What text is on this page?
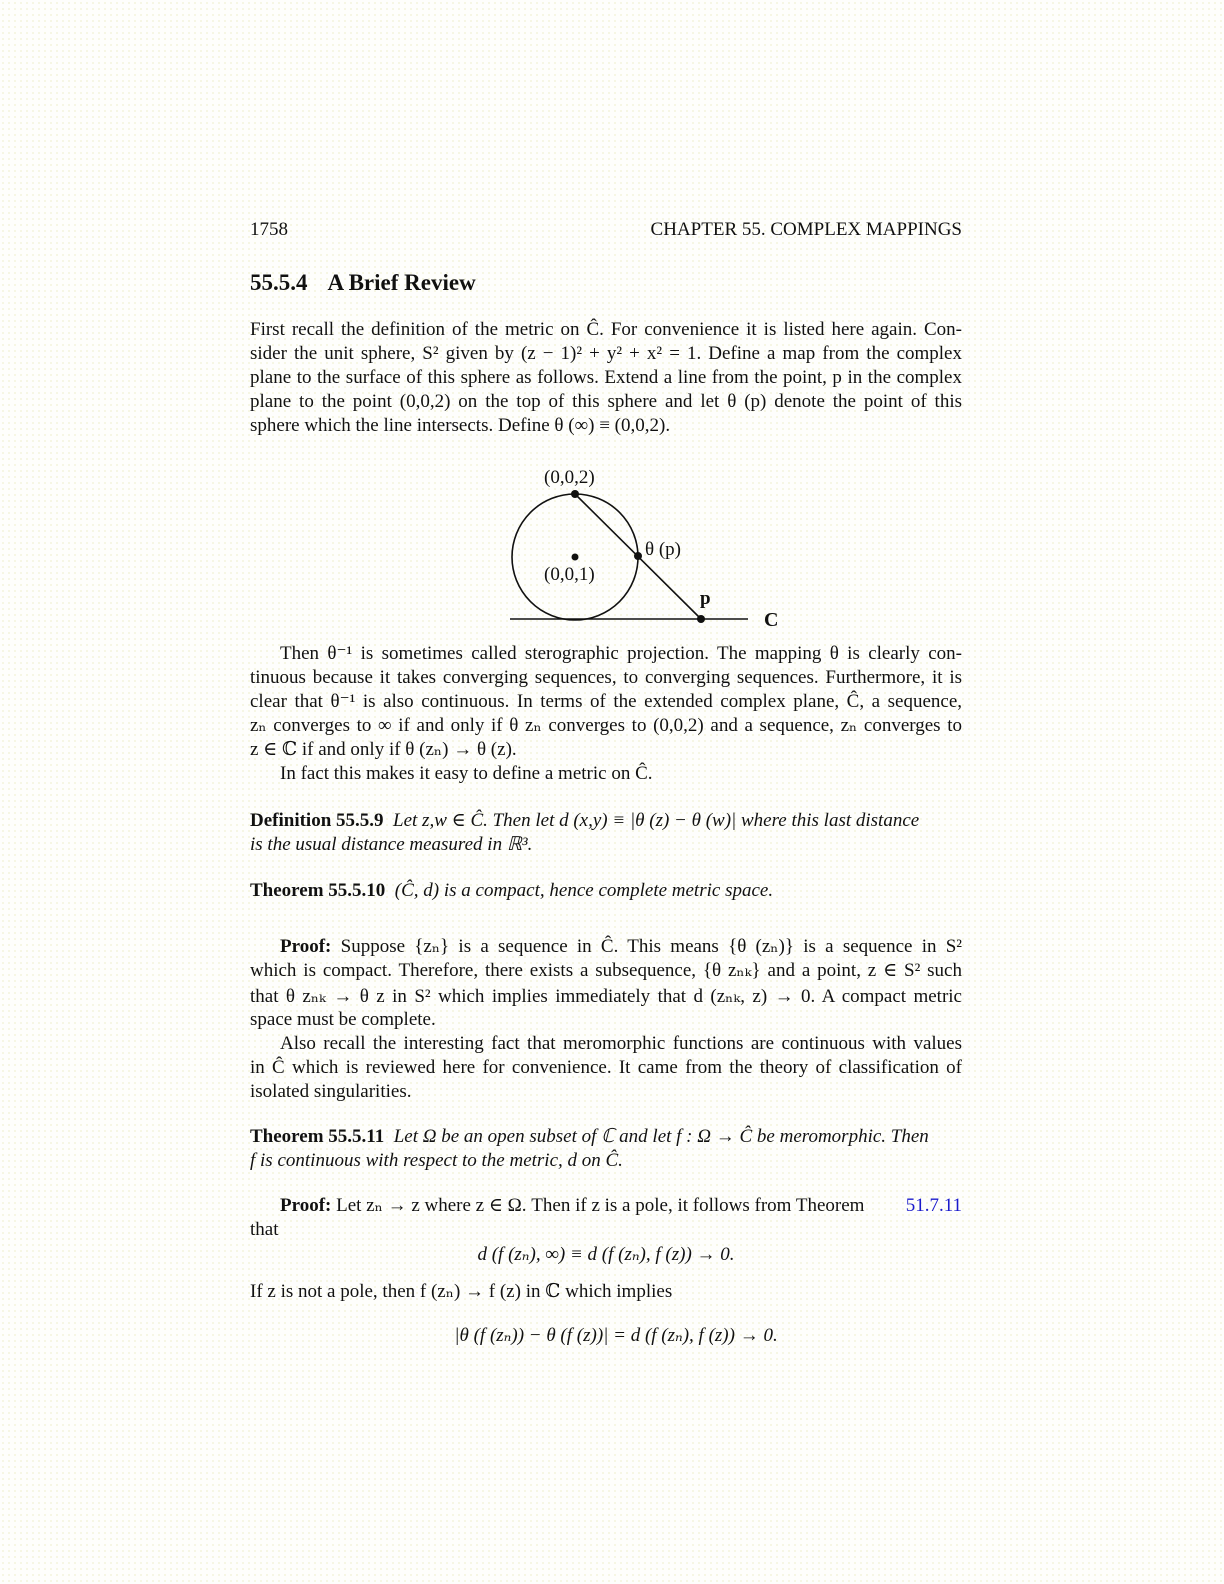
1758	CHAPTER 55. COMPLEX MAPPINGS
55.5.4 A Brief Review
First recall the definition of the metric on Ĉ. For convenience it is listed here again. Con-
sider the unit sphere, S² given by (z − 1)² + y² + x² = 1. Define a map from the complex
plane to the surface of this sphere as follows. Extend a line from the point, p in the complex
plane to the point (0,0,2) on the top of this sphere and let θ (p) denote the point of this
sphere which the line intersects. Define θ (∞) ≡ (0,0,2).
(0,0,2)
(0,0,1)
θ (p)
p
C
Then θ⁻¹ is sometimes called sterographic projection. The mapping θ is clearly con-
tinuous because it takes converging sequences, to converging sequences. Furthermore, it is
clear that θ⁻¹ is also continuous. In terms of the extended complex plane, Ĉ, a sequence,
zₙ converges to ∞ if and only if θ zₙ converges to (0,0,2) and a sequence, zₙ converges to
z ∈ ℂ if and only if θ (zₙ) → θ (z).
In fact this makes it easy to define a metric on Ĉ.
Definition 55.5.9 Let z,w ∈ Ĉ. Then let d (x,y) ≡ |θ (z) − θ (w)| where this last distance
is the usual distance measured in ℝ³.
Theorem 55.5.10 (Ĉ, d) is a compact, hence complete metric space.
Proof: Suppose {zₙ} is a sequence in Ĉ. This means {θ (zₙ)} is a sequence in S²
which is compact. Therefore, there exists a subsequence, {θ zₙₖ} and a point, z ∈ S² such
that θ zₙₖ → θ z in S² which implies immediately that d (zₙₖ, z) → 0. A compact metric
space must be complete.
Also recall the interesting fact that meromorphic functions are continuous with values
in Ĉ which is reviewed here for convenience. It came from the theory of classification of
isolated singularities.
Theorem 55.5.11 Let Ω be an open subset of ℂ and let f : Ω → Ĉ be meromorphic. Then
f is continuous with respect to the metric, d on Ĉ.
Proof: Let zₙ → z where z ∈ Ω. Then if z is a pole, it follows from Theorem 51.7.11
that
d (f (zₙ), ∞) ≡ d (f (zₙ), f (z)) → 0.
If z is not a pole, then f (zₙ) → f (z) in ℂ which implies
|θ (f (zₙ)) − θ (f (z))| = d (f (zₙ), f (z)) → 0.
